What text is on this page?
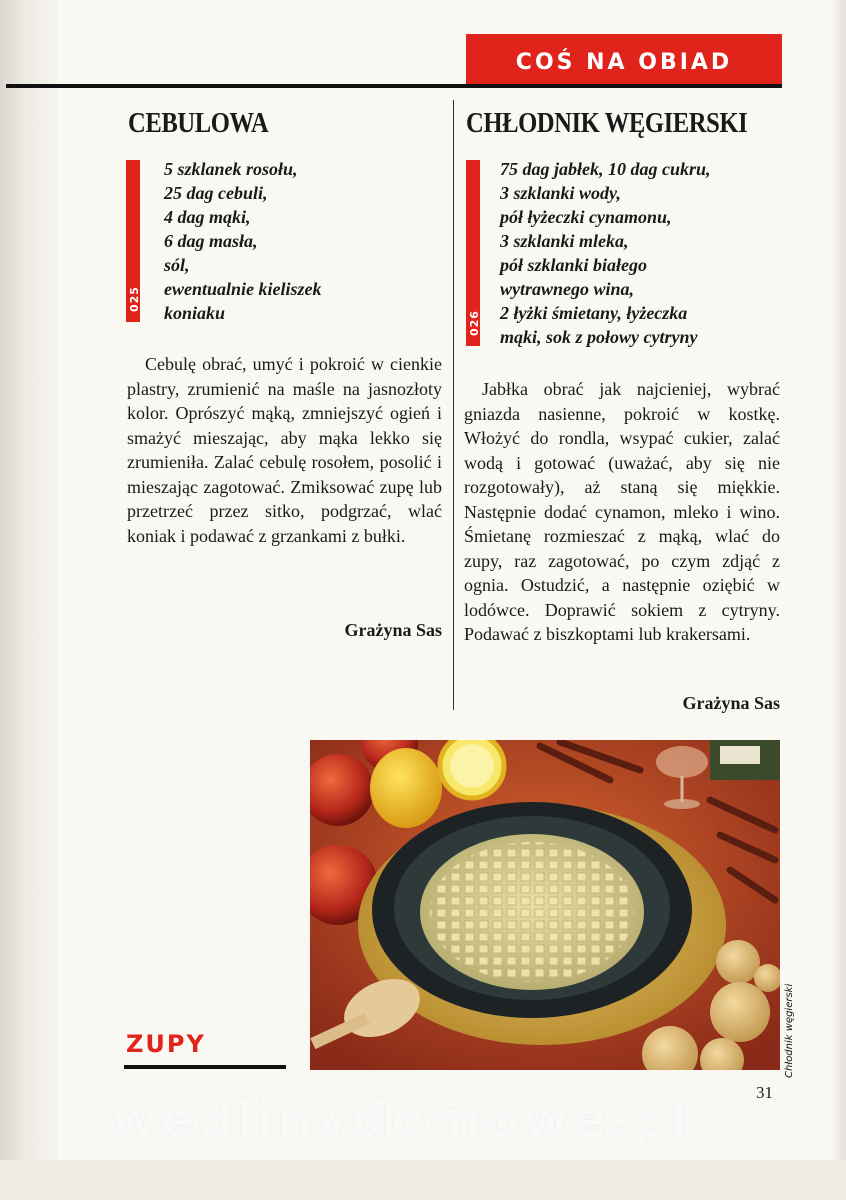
COŚ NA OBIAD
CEBULOWA
025
5 szklanek rosołu,
25 dag cebuli,
4 dag mąki,
6 dag masła,
sól,
ewentualnie kieliszek
koniaku

Cebulę obrać, umyć i pokroić w cienkie plastry, zrumienić na maśle na jasnozłoty kolor. Oprószyć mąką, zmniejszyć ogień i smażyć mieszając, aby mąka lekko się zrumieniła. Zalać cebulę rosołem, posolić i mieszając zagotować. Zmiksować zupę lub przetrzeć przez sitko, podgrzać, wlać koniak i podawać z grzankami z bułki.

Grażyna Sas
CHŁODNIK WĘGIERSKI
026
75 dag jabłek, 10 dag cukru,
3 szklanki wody,
pół łyżeczki cynamonu,
3 szklanki mleka,
pół szklanki białego
wytrawnego wina,
2 łyżki śmietany, łyżeczka
mąki, sok z połowy cytryny

Jabłka obrać jak najcieniej, wybrać gniazda nasienne, pokroić w kostkę. Włożyć do rondla, wsypać cukier, zalać wodą i gotować (uważać, aby się nie rozgotowały), aż staną się miękkie. Następnie dodać cynamon, mleko i wino. Śmietanę rozmieszać z mąką, wlać do zupy, raz zagotować, po czym zdjąć z ognia. Ostudzić, a następnie oziębić w lodówce. Doprawić sokiem z cytryny. Podawać z biszkoptami lub krakersami.

Grażyna Sas
Chłodnik węgierski
ZUPY
31
wedlinydomowe.pl
